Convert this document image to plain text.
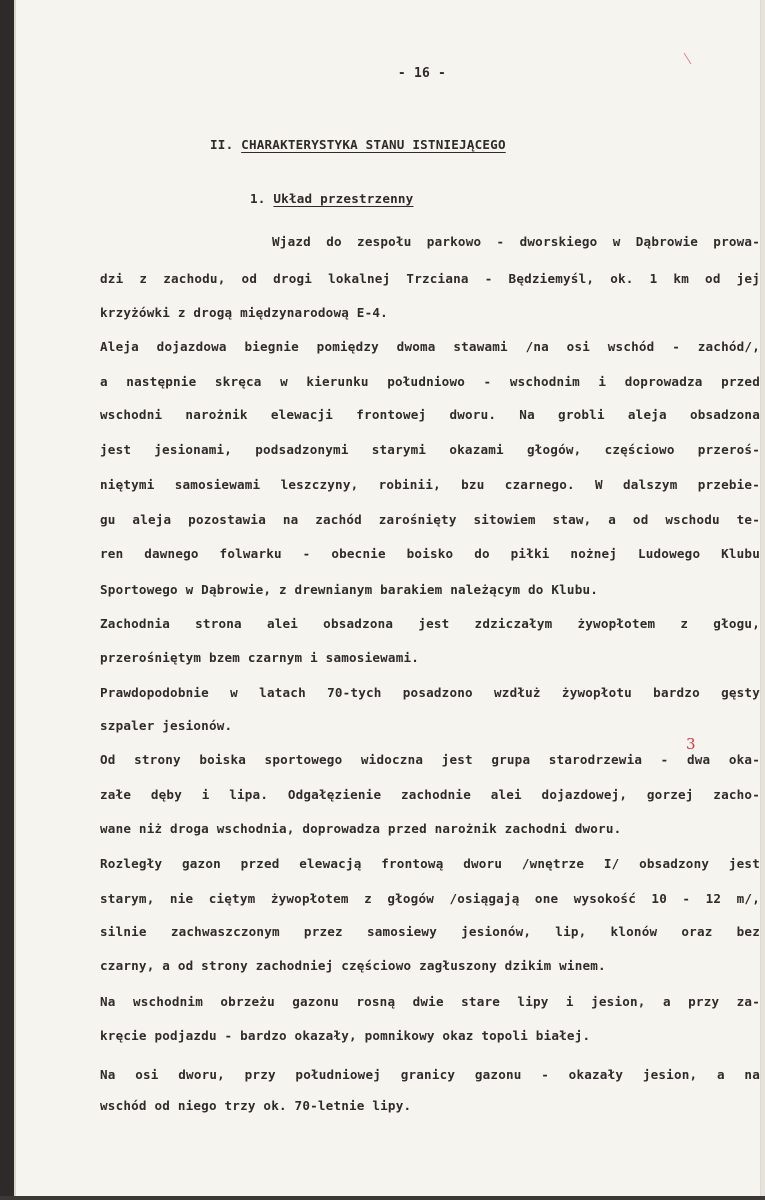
- 16 -
II. CHARAKTERYSTYKA STANU ISTNIEJĄCEGO
1. Układ przestrzenny
Wjazd do zespołu parkowo - dworskiego w Dąbrowie prowa-
dzi z zachodu, od drogi lokalnej Trzciana - Będziemyśl, ok. 1 km od jej
krzyżówki z drogą międzynarodową E-4.
Aleja dojazdowa biegnie pomiędzy dwoma stawami /na osi wschód - zachód/,
a następnie skręca w kierunku południowo - wschodnim i doprowadza przed
wschodni narożnik elewacji frontowej dworu. Na grobli aleja obsadzona
jest jesionami, podsadzonymi starymi okazami głogów, częściowo przeroś-
niętymi samosiewami leszczyny, robinii, bzu czarnego. W dalszym przebie-
gu aleja pozostawia na zachód zarośnięty sitowiem staw, a od wschodu te-
ren dawnego folwarku - obecnie boisko do piłki nożnej Ludowego Klubu
Sportowego w Dąbrowie, z drewnianym barakiem należącym do Klubu.
Zachodnia strona alei obsadzona jest zdziczałym żywopłotem z głogu,
przerośniętym bzem czarnym i samosiewami.
Prawdopodobnie w latach 70-tych posadzono wzdłuż żywopłotu bardzo gęsty
szpaler jesionów.
Od strony boiska sportowego widoczna jest grupa starodrzewia - dwa oka-
załe dęby i lipa. Odgałęzienie zachodnie alei dojazdowej, gorzej zacho-
wane niż droga wschodnia, doprowadza przed narożnik zachodni dworu.
Rozległy gazon przed elewacją frontową dworu /wnętrze I/ obsadzony jest
starym, nie ciętym żywopłotem z głogów /osiągają one wysokość 10 - 12 m/,
silnie zachwaszczonym przez samosiewy jesionów, lip, klonów oraz bez
czarny, a od strony zachodniej częściowo zagłuszony dzikim winem.
Na wschodnim obrzeżu gazonu rosną dwie stare lipy i jesion, a przy za-
kręcie podjazdu - bardzo okazały, pomnikowy okaz topoli białej.
Na osi dworu, przy południowej granicy gazonu - okazały jesion, a na
wschód od niego trzy ok. 70-letnie lipy.
3
